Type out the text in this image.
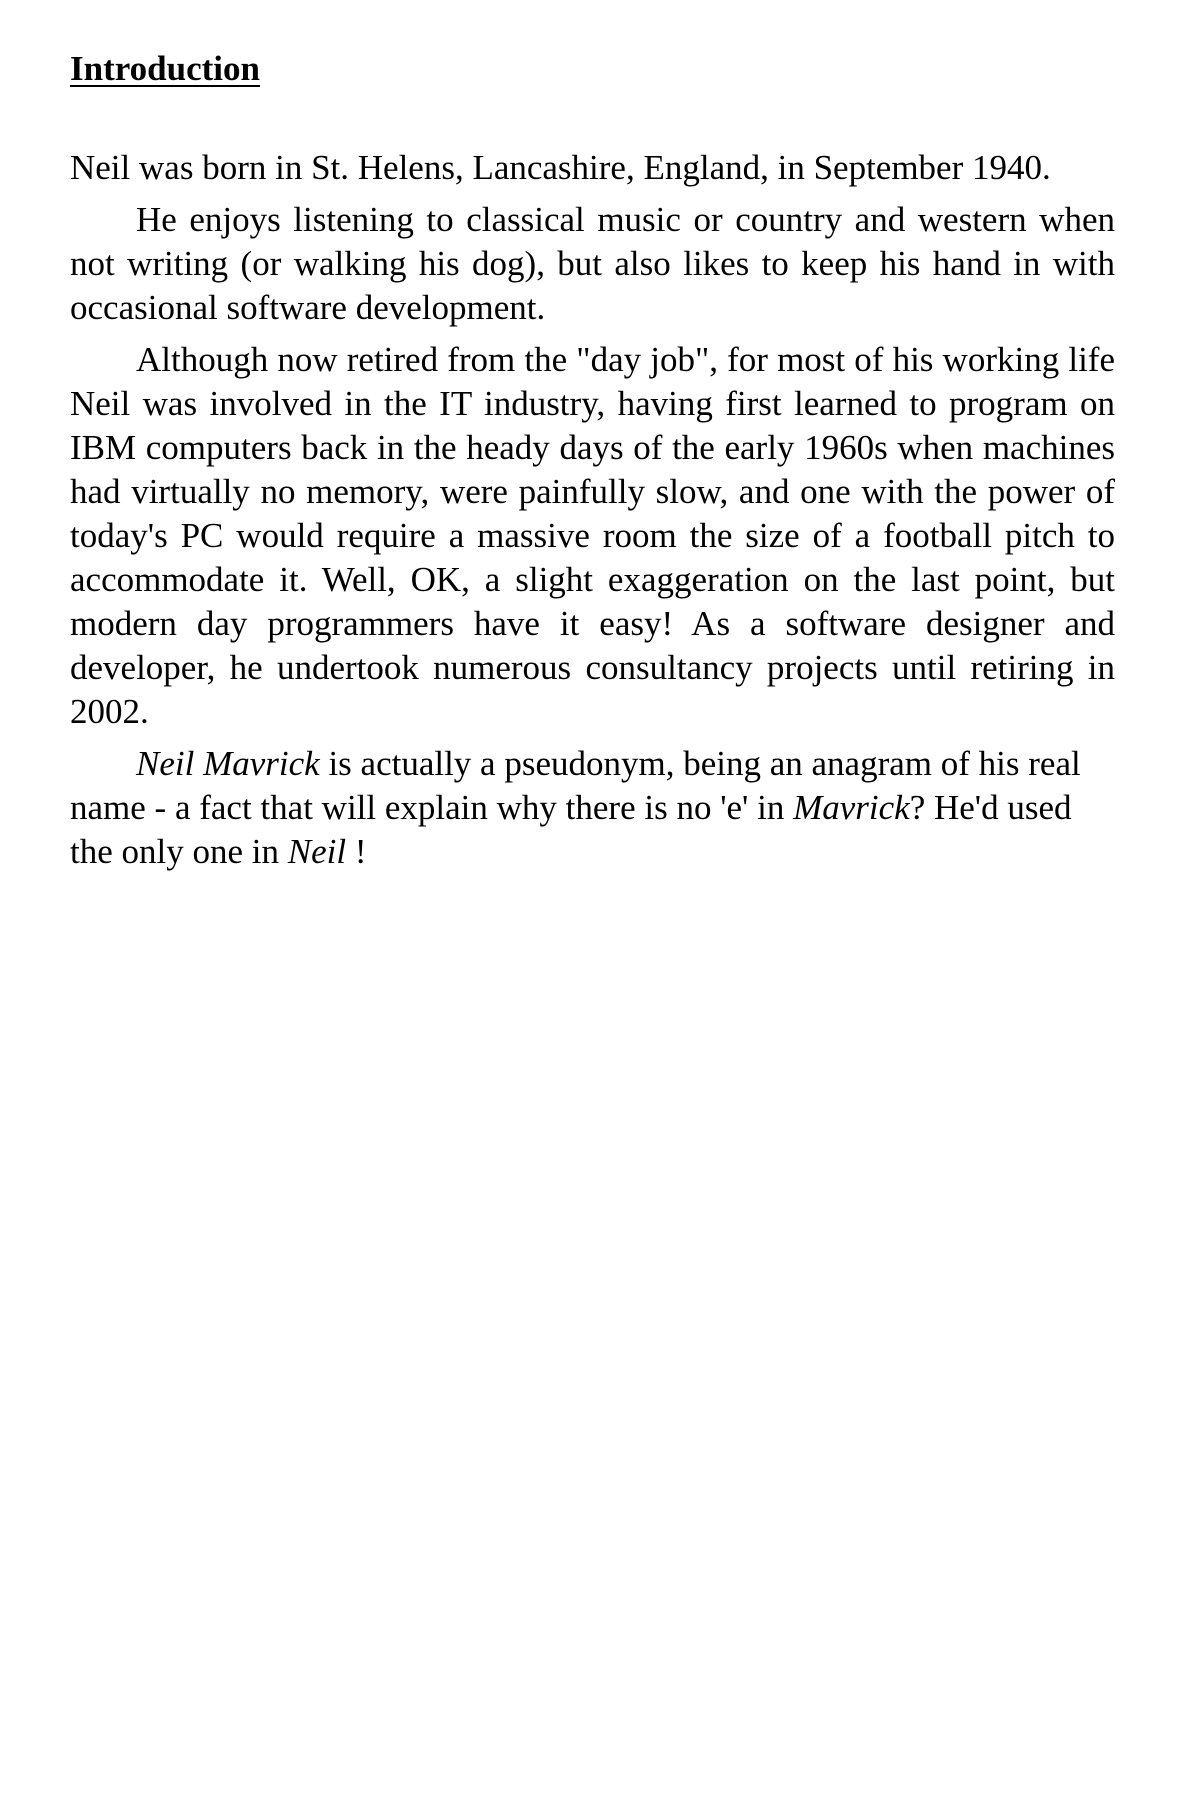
Introduction

Neil was born in St. Helens, Lancashire, England, in September 1940.

He enjoys listening to classical music or country and western when not writing (or walking his dog), but also likes to keep his hand in with occasional software development.

Although now retired from the "day job", for most of his working life Neil was involved in the IT industry, having first learned to program on IBM computers back in the heady days of the early 1960s when machines had virtually no memory, were painfully slow, and one with the power of today's PC would require a massive room the size of a football pitch to accommodate it. Well, OK, a slight exaggeration on the last point, but modern day programmers have it easy! As a software designer and developer, he undertook numerous consultancy projects until retiring in 2002.

Neil Mavrick is actually a pseudonym, being an anagram of his real name - a fact that will explain why there is no 'e' in Mavrick? He'd used the only one in Neil !
